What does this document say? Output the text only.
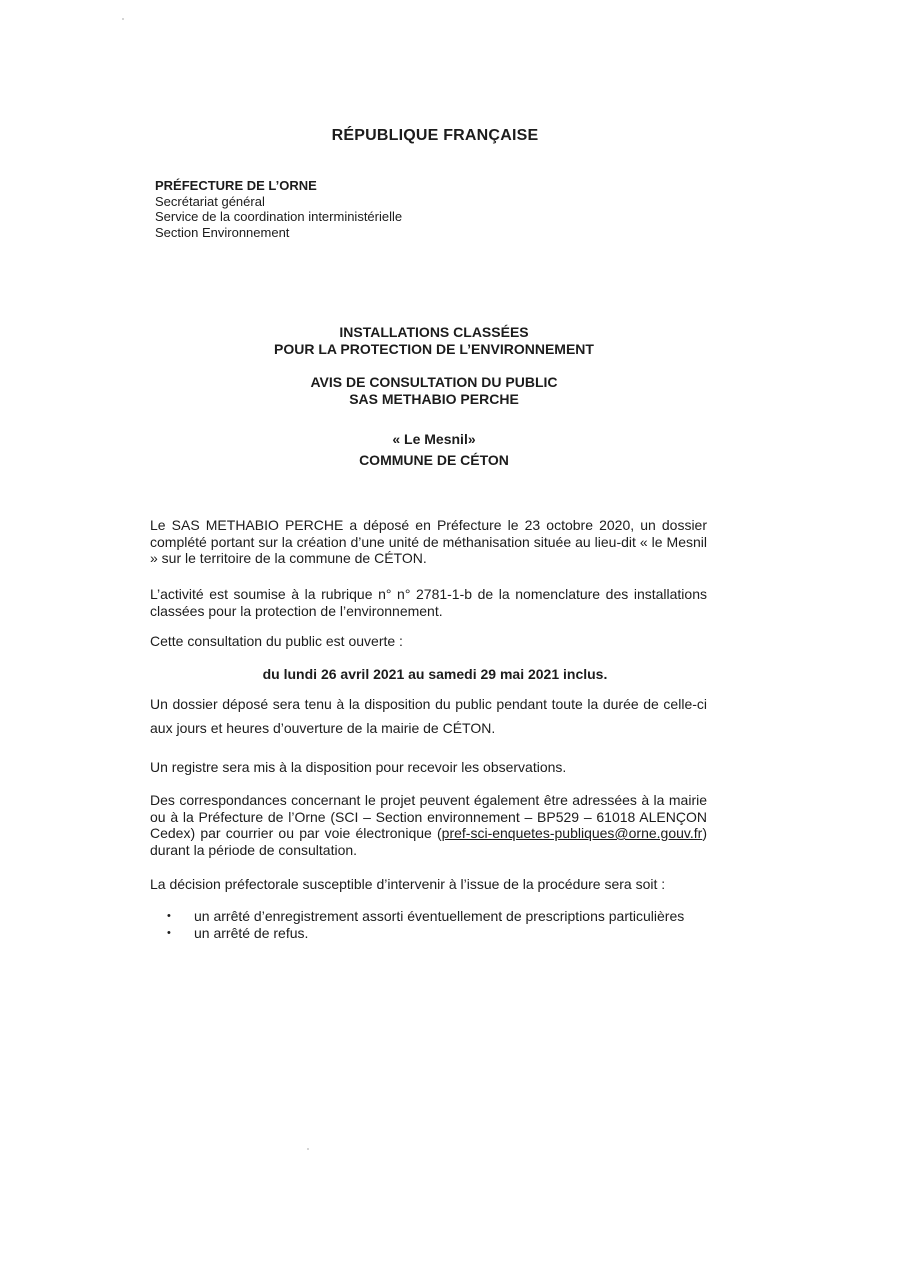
RÉPUBLIQUE FRANÇAISE
PRÉFECTURE DE L’ORNE
Secrétariat général
Service de la coordination interministérielle
Section Environnement
INSTALLATIONS CLASSÉES
POUR LA PROTECTION DE L’ENVIRONNEMENT
AVIS DE CONSULTATION DU PUBLIC
SAS METHABIO PERCHE
« Le Mesnil»
COMMUNE DE CÉTON
Le SAS METHABIO PERCHE a déposé en Préfecture le 23 octobre 2020, un dossier complété portant sur la création d’une unité de méthanisation située au lieu-dit « le Mesnil » sur le territoire de la commune de CÉTON.
L’activité est soumise à la rubrique n° n° 2781-1-b de la nomenclature des installations classées pour la protection de l’environnement.
Cette consultation du public est ouverte :
du lundi 26 avril 2021 au samedi 29 mai 2021 inclus.
Un dossier déposé sera tenu à la disposition du public pendant toute la durée de celle-ci aux jours et heures d’ouverture de la mairie de CÉTON.
Un registre sera mis à la disposition pour recevoir les observations.
Des correspondances concernant le projet peuvent également être adressées à la mairie ou à la Préfecture de l’Orne (SCI – Section environnement – BP529 – 61018 ALENÇON Cedex) par courrier ou par voie électronique (pref-sci-enquetes-publiques@orne.gouv.fr) durant la période de consultation.
La décision préfectorale susceptible d’intervenir à l’issue de la procédure sera soit :
• un arrêté d’enregistrement assorti éventuellement de prescriptions particulières
• un arrêté de refus.
